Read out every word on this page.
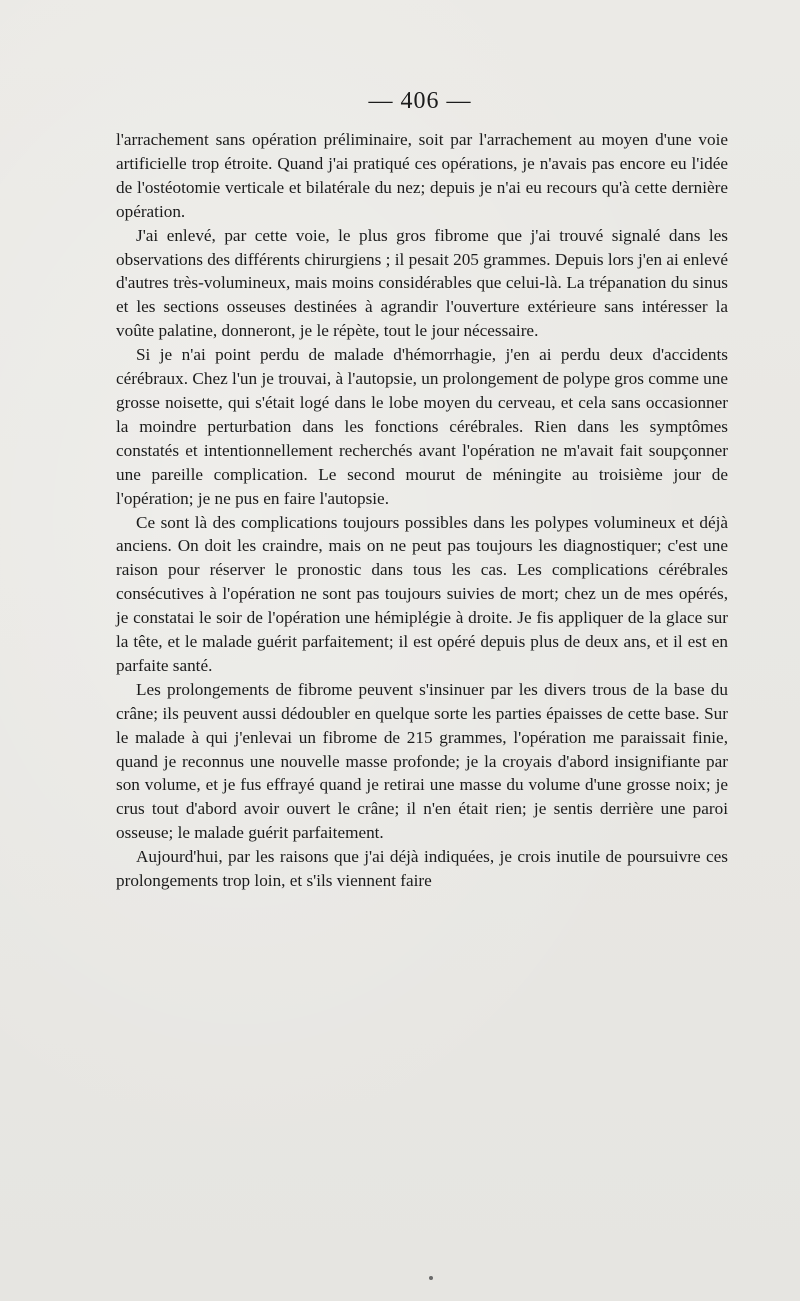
— 406 —

l'arrachement sans opération préliminaire, soit par l'arrachement au moyen d'une voie artificielle trop étroite. Quand j'ai pratiqué ces opérations, je n'avais pas encore eu l'idée de l'ostéotomie verticale et bilatérale du nez; depuis je n'ai eu recours qu'à cette dernière opération.

J'ai enlevé, par cette voie, le plus gros fibrome que j'ai trouvé signalé dans les observations des différents chirurgiens ; il pesait 205 grammes. Depuis lors j'en ai enlevé d'autres très-volumineux, mais moins considérables que celui-là. La trépanation du sinus et les sections osseuses destinées à agrandir l'ouverture extérieure sans intéresser la voûte palatine, donneront, je le répète, tout le jour nécessaire.

Si je n'ai point perdu de malade d'hémorrhagie, j'en ai perdu deux d'accidents cérébraux. Chez l'un je trouvai, à l'autopsie, un prolongement de polype gros comme une grosse noisette, qui s'était logé dans le lobe moyen du cerveau, et cela sans occasionner la moindre perturbation dans les fonctions cérébrales. Rien dans les symptômes constatés et intentionnellement recherchés avant l'opération ne m'avait fait soupçonner une pareille complication. Le second mourut de méningite au troisième jour de l'opération; je ne pus en faire l'autopsie.

Ce sont là des complications toujours possibles dans les polypes volumineux et déjà anciens. On doit les craindre, mais on ne peut pas toujours les diagnostiquer; c'est une raison pour réserver le pronostic dans tous les cas. Les complications cérébrales consécutives à l'opération ne sont pas toujours suivies de mort; chez un de mes opérés, je constatai le soir de l'opération une hémiplégie à droite. Je fis appliquer de la glace sur la tête, et le malade guérit parfaitement; il est opéré depuis plus de deux ans, et il est en parfaite santé.

Les prolongements de fibrome peuvent s'insinuer par les divers trous de la base du crâne; ils peuvent aussi dédoubler en quelque sorte les parties épaisses de cette base. Sur le malade à qui j'enlevai un fibrome de 215 grammes, l'opération me paraissait finie, quand je reconnus une nouvelle masse profonde; je la croyais d'abord insignifiante par son volume, et je fus effrayé quand je retirai une masse du volume d'une grosse noix; je crus tout d'abord avoir ouvert le crâne; il n'en était rien; je sentis derrière une paroi osseuse; le malade guérit parfaitement.

Aujourd'hui, par les raisons que j'ai déjà indiquées, je crois inutile de poursuivre ces prolongements trop loin, et s'ils viennent faire
